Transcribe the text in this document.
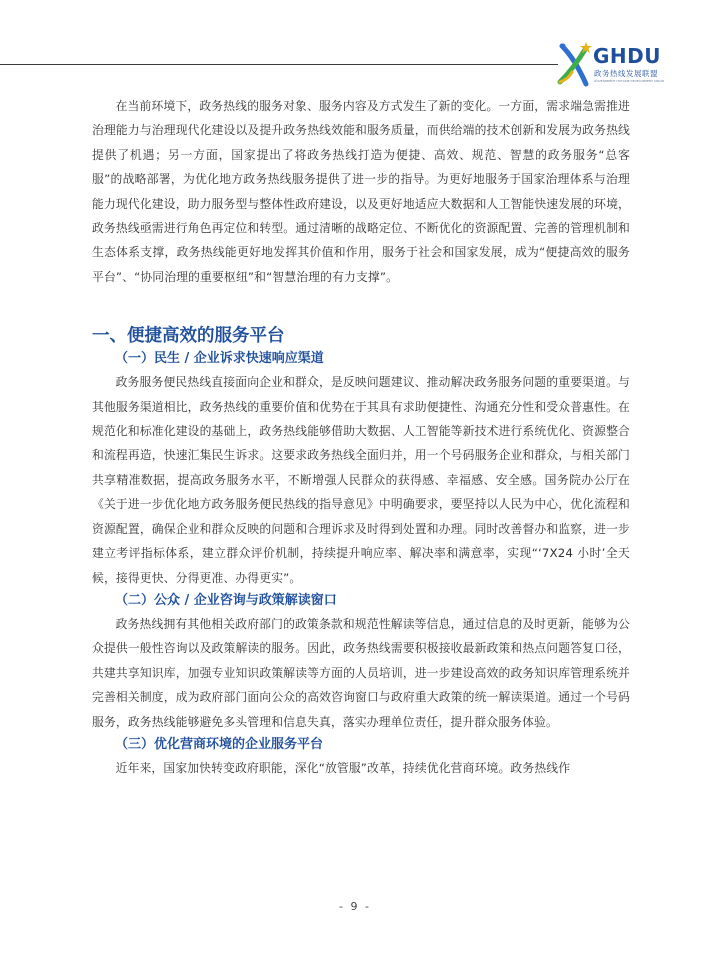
GHDU
政务热线发展联盟
GOVERNMENT HOTLINE DEVELOPMENT UNION

在当前环境下，政务热线的服务对象、服务内容及方式发生了新的变化。一方面，需求端急需推进治理能力与治理现代化建设以及提升政务热线效能和服务质量，而供给端的技术创新和发展为政务热线提供了机遇；另一方面，国家提出了将政务热线打造为便捷、高效、规范、智慧的政务服务“总客服”的战略部署，为优化地方政务热线服务提供了进一步的指导。为更好地服务于国家治理体系与治理能力现代化建设，助力服务型与整体性政府建设，以及更好地适应大数据和人工智能快速发展的环境，政务热线亟需进行角色再定位和转型。通过清晰的战略定位、不断优化的资源配置、完善的管理机制和生态体系支撑，政务热线能更好地发挥其价值和作用，服务于社会和国家发展，成为“便捷高效的服务平台”、“协同治理的重要枢纽”和“智慧治理的有力支撑”。

一、便捷高效的服务平台
（一）民生 / 企业诉求快速响应渠道

政务服务便民热线直接面向企业和群众，是反映问题建议、推动解决政务服务问题的重要渠道。与其他服务渠道相比，政务热线的重要价值和优势在于其具有求助便捷性、沟通充分性和受众普惠性。在规范化和标准化建设的基础上，政务热线能够借助大数据、人工智能等新技术进行系统优化、资源整合和流程再造，快速汇集民生诉求。这要求政务热线全面归并，用一个号码服务企业和群众，与相关部门共享精准数据，提高政务服务水平，不断增强人民群众的获得感、幸福感、安全感。国务院办公厅在《关于进一步优化地方政务服务便民热线的指导意见》中明确要求，要坚持以人民为中心，优化流程和资源配置，确保企业和群众反映的问题和合理诉求及时得到处置和办理。同时改善督办和监察，进一步建立考评指标体系，建立群众评价机制，持续提升响应率、解决率和满意率，实现“‘7X24 小时’全天候，接得更快、分得更准、办得更实”。

（二）公众 / 企业咨询与政策解读窗口

政务热线拥有其他相关政府部门的政策条款和规范性解读等信息，通过信息的及时更新，能够为公众提供一般性咨询以及政策解读的服务。因此，政务热线需要积极接收最新政策和热点问题答复口径，共建共享知识库，加强专业知识政策解读等方面的人员培训，进一步建设高效的政务知识库管理系统并完善相关制度，成为政府部门面向公众的高效咨询窗口与政府重大政策的统一解读渠道。通过一个号码服务，政务热线能够避免多头管理和信息失真，落实办理单位责任，提升群众服务体验。

（三）优化营商环境的企业服务平台

近年来，国家加快转变政府职能，深化“放管服”改革，持续优化营商环境。政务热线作

- 9 -
